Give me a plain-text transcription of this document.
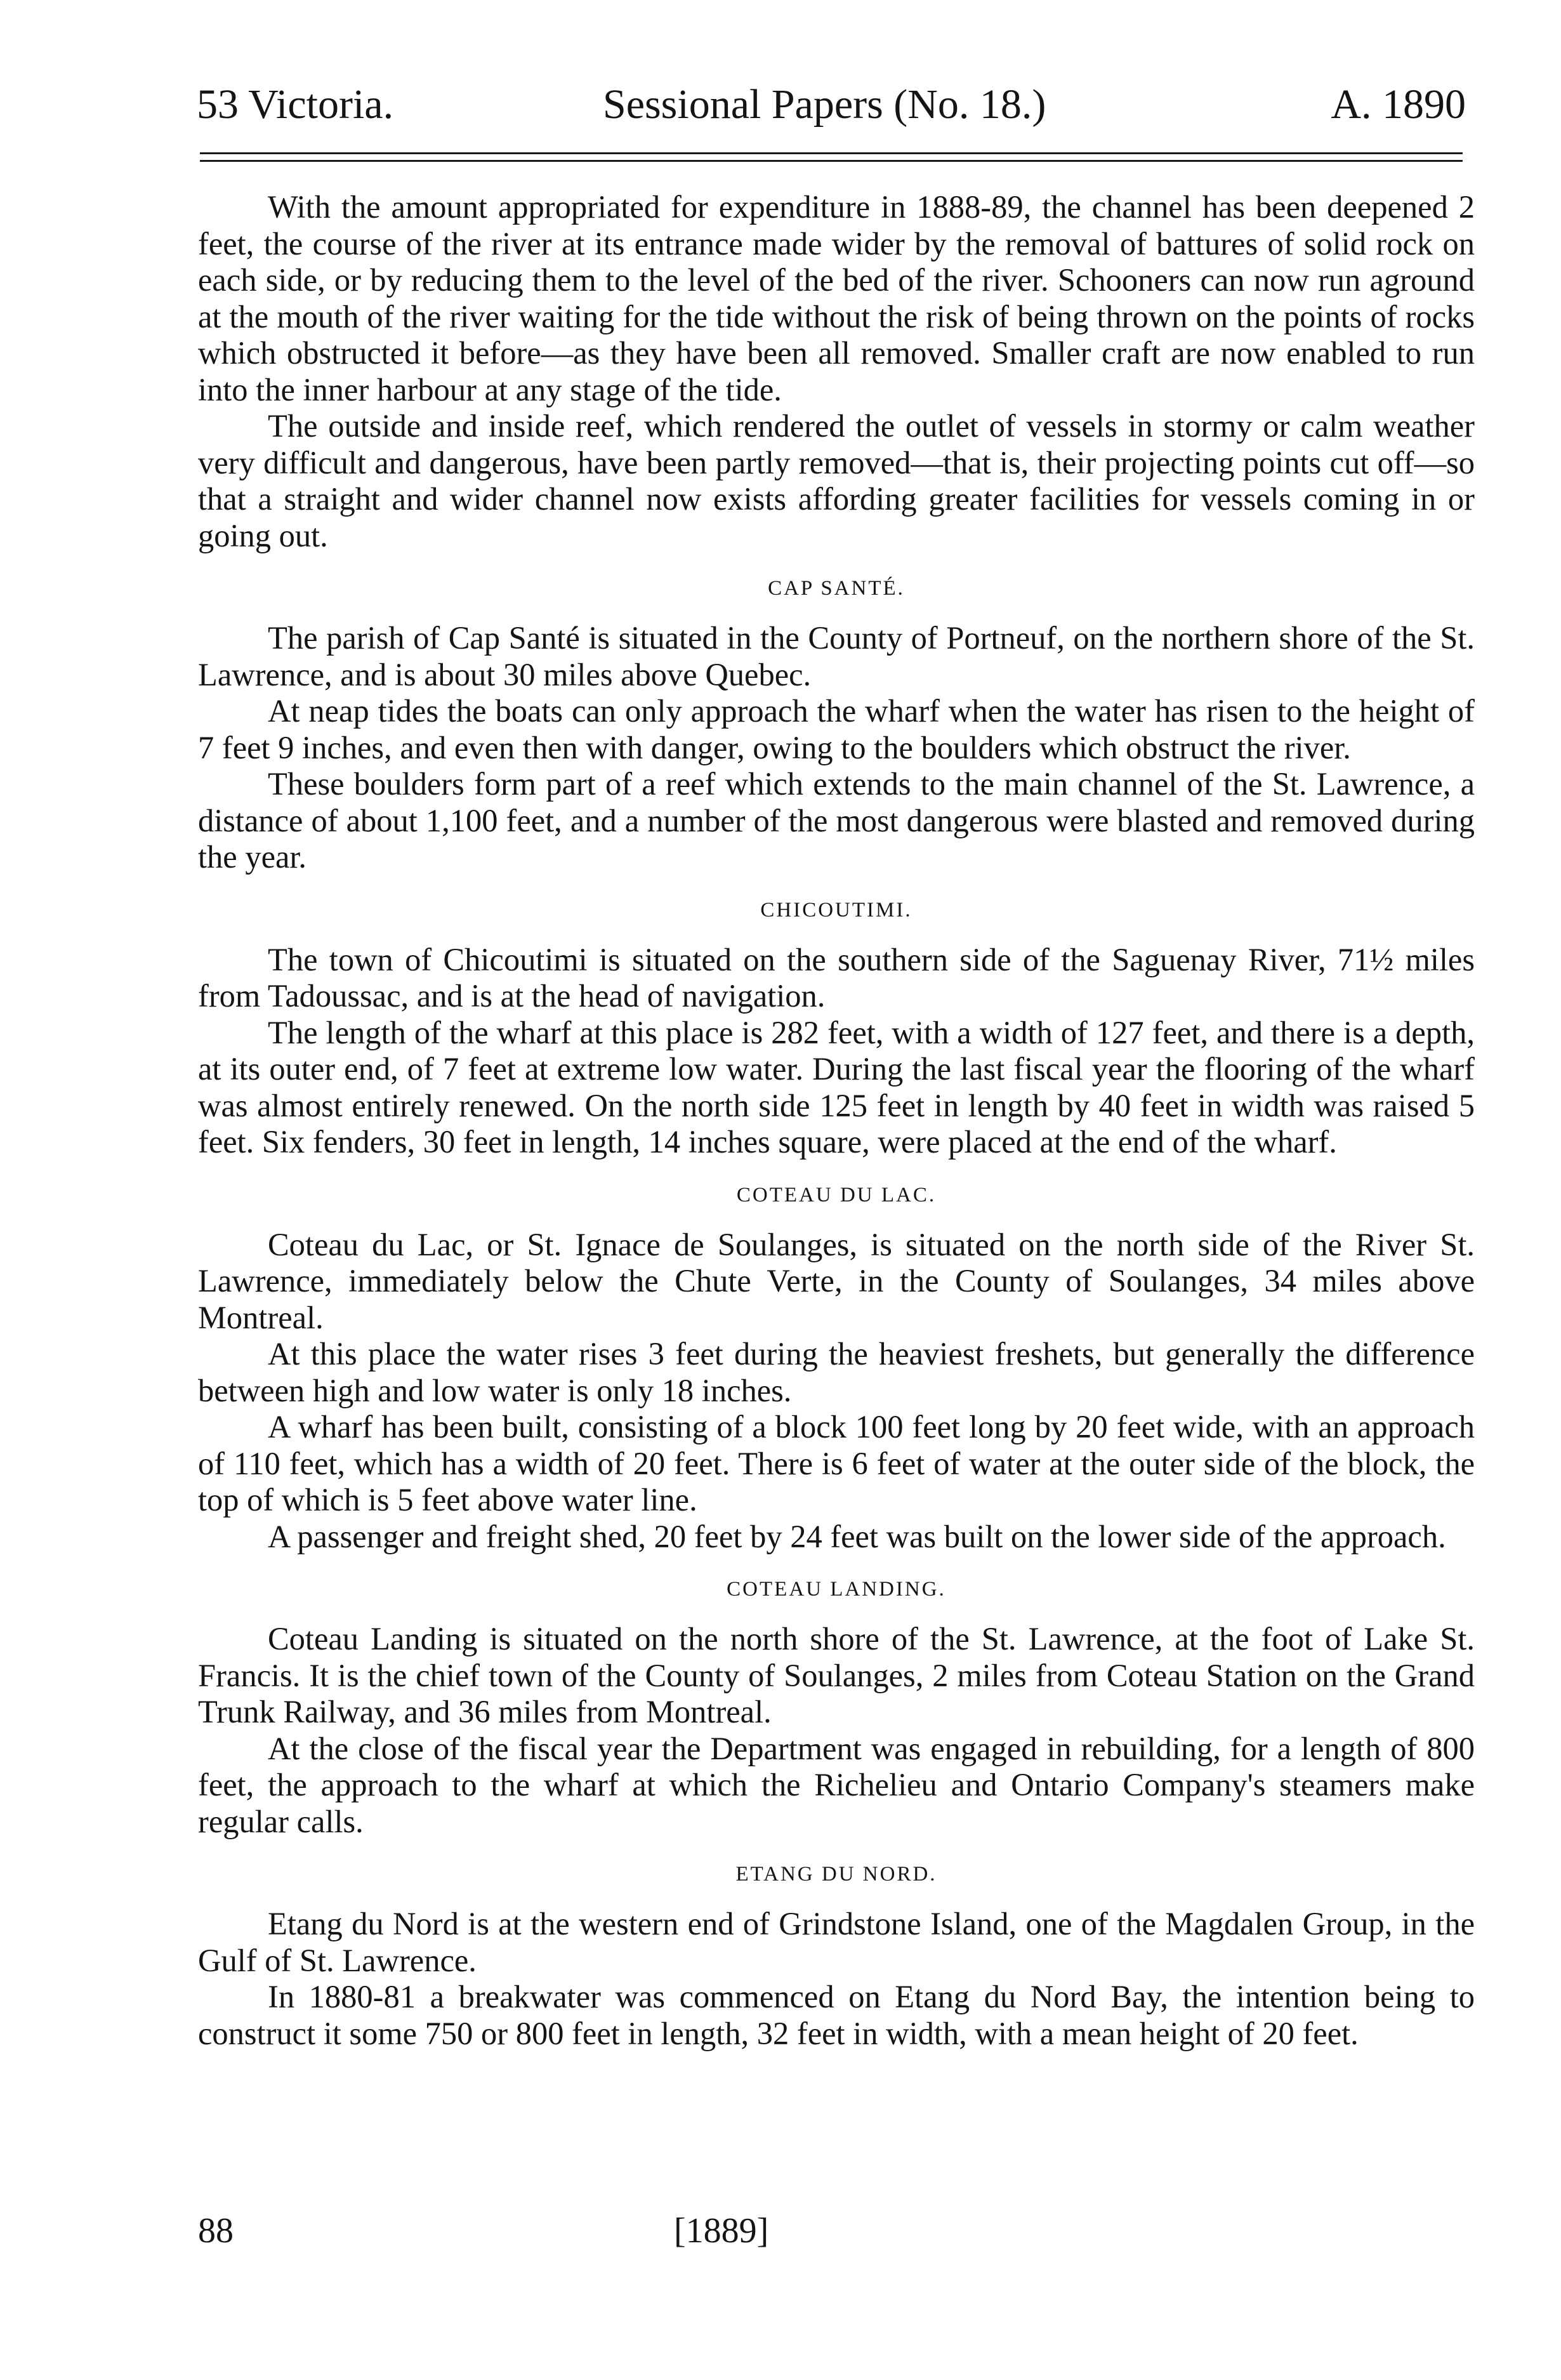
53 Victoria.	Sessional Papers (No. 18.)	A. 1890

With the amount appropriated for expenditure in 1888-89, the channel has been deepened 2 feet, the course of the river at its entrance made wider by the removal of battures of solid rock on each side, or by reducing them to the level of the bed of the river. Schooners can now run aground at the mouth of the river waiting for the tide without the risk of being thrown on the points of rocks which obstructed it before—as they have been all removed. Smaller craft are now enabled to run into the inner harbour at any stage of the tide.

The outside and inside reef, which rendered the outlet of vessels in stormy or calm weather very difficult and dangerous, have been partly removed—that is, their projecting points cut off—so that a straight and wider channel now exists affording greater facilities for vessels coming in or going out.

CAP SANTÉ.

The parish of Cap Santé is situated in the County of Portneuf, on the northern shore of the St. Lawrence, and is about 30 miles above Quebec.

At neap tides the boats can only approach the wharf when the water has risen to the height of 7 feet 9 inches, and even then with danger, owing to the boulders which obstruct the river.

These boulders form part of a reef which extends to the main channel of the St. Lawrence, a distance of about 1,100 feet, and a number of the most dangerous were blasted and removed during the year.

CHICOUTIMI.

The town of Chicoutimi is situated on the southern side of the Saguenay River, 71½ miles from Tadoussac, and is at the head of navigation.

The length of the wharf at this place is 282 feet, with a width of 127 feet, and there is a depth, at its outer end, of 7 feet at extreme low water. During the last fiscal year the flooring of the wharf was almost entirely renewed. On the north side 125 feet in length by 40 feet in width was raised 5 feet. Six fenders, 30 feet in length, 14 inches square, were placed at the end of the wharf.

COTEAU DU LAC.

Coteau du Lac, or St. Ignace de Soulanges, is situated on the north side of the River St. Lawrence, immediately below the Chute Verte, in the County of Soulanges, 34 miles above Montreal.

At this place the water rises 3 feet during the heaviest freshets, but generally the difference between high and low water is only 18 inches.

A wharf has been built, consisting of a block 100 feet long by 20 feet wide, with an approach of 110 feet, which has a width of 20 feet. There is 6 feet of water at the outer side of the block, the top of which is 5 feet above water line.

A passenger and freight shed, 20 feet by 24 feet was built on the lower side of the approach.

COTEAU LANDING.

Coteau Landing is situated on the north shore of the St. Lawrence, at the foot of Lake St. Francis. It is the chief town of the County of Soulanges, 2 miles from Coteau Station on the Grand Trunk Railway, and 36 miles from Montreal.

At the close of the fiscal year the Department was engaged in rebuilding, for a length of 800 feet, the approach to the wharf at which the Richelieu and Ontario Company's steamers make regular calls.

ETANG DU NORD.

Etang du Nord is at the western end of Grindstone Island, one of the Magdalen Group, in the Gulf of St. Lawrence.

In 1880-81 a breakwater was commenced on Etang du Nord Bay, the intention being to construct it some 750 or 800 feet in length, 32 feet in width, with a mean height of 20 feet.

88	[1889]
